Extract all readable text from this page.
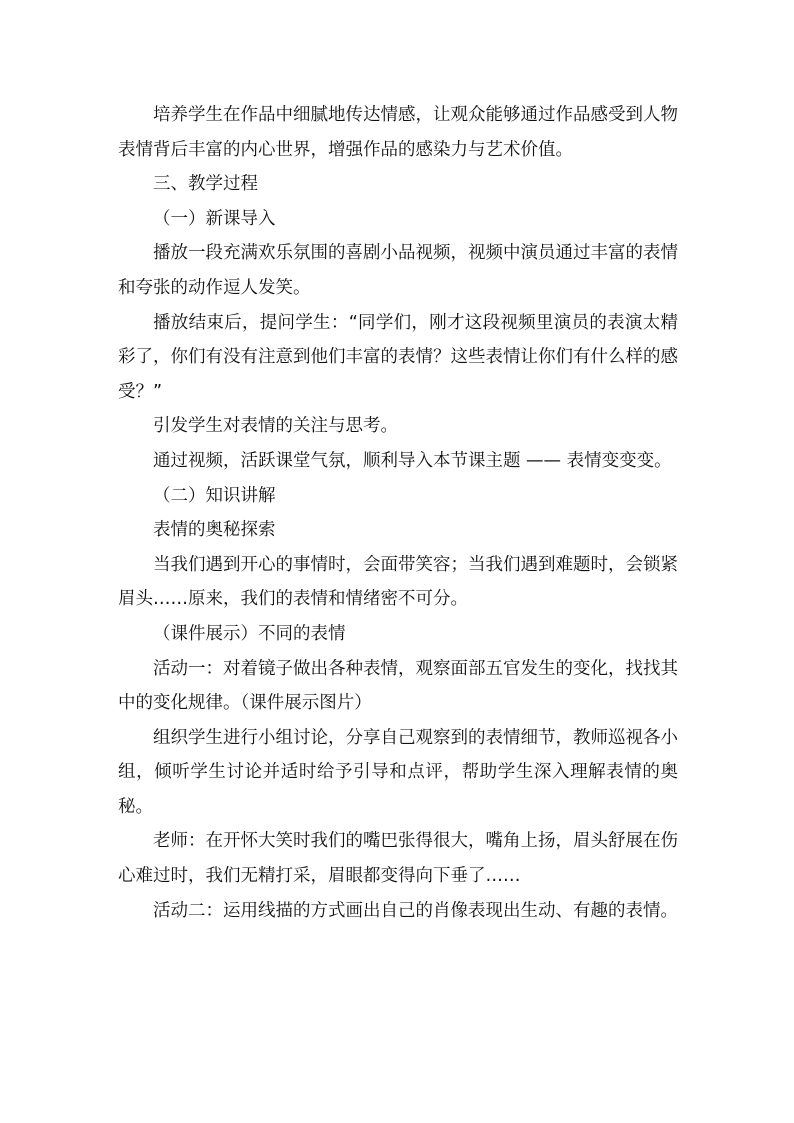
培养学生在作品中细腻地传达情感，让观众能够通过作品感受到人物表情背后丰富的内心世界，增强作品的感染力与艺术价值。

三、教学过程

（一）新课导入

播放一段充满欢乐氛围的喜剧小品视频，视频中演员通过丰富的表情和夸张的动作逗人发笑。

播放结束后，提问学生：“同学们，刚才这段视频里演员的表演太精彩了，你们有没有注意到他们丰富的表情？这些表情让你们有什么样的感受？”

引发学生对表情的关注与思考。

通过视频，活跃课堂气氛，顺利导入本节课主题 —— 表情变变变。

（二）知识讲解

表情的奥秘探索

当我们遇到开心的事情时，会面带笑容；当我们遇到难题时，会锁紧眉头……原来，我们的表情和情绪密不可分。

（课件展示）不同的表情

活动一：对着镜子做出各种表情，观察面部五官发生的变化，找找其中的变化规律。（课件展示图片）

组织学生进行小组讨论，分享自己观察到的表情细节，教师巡视各小组，倾听学生讨论并适时给予引导和点评，帮助学生深入理解表情的奥秘。

老师：在开怀大笑时我们的嘴巴张得很大，嘴角上扬，眉头舒展在伤心难过时，我们无精打采，眉眼都变得向下垂了……

活动二：运用线描的方式画出自己的肖像表现出生动、有趣的表情。
